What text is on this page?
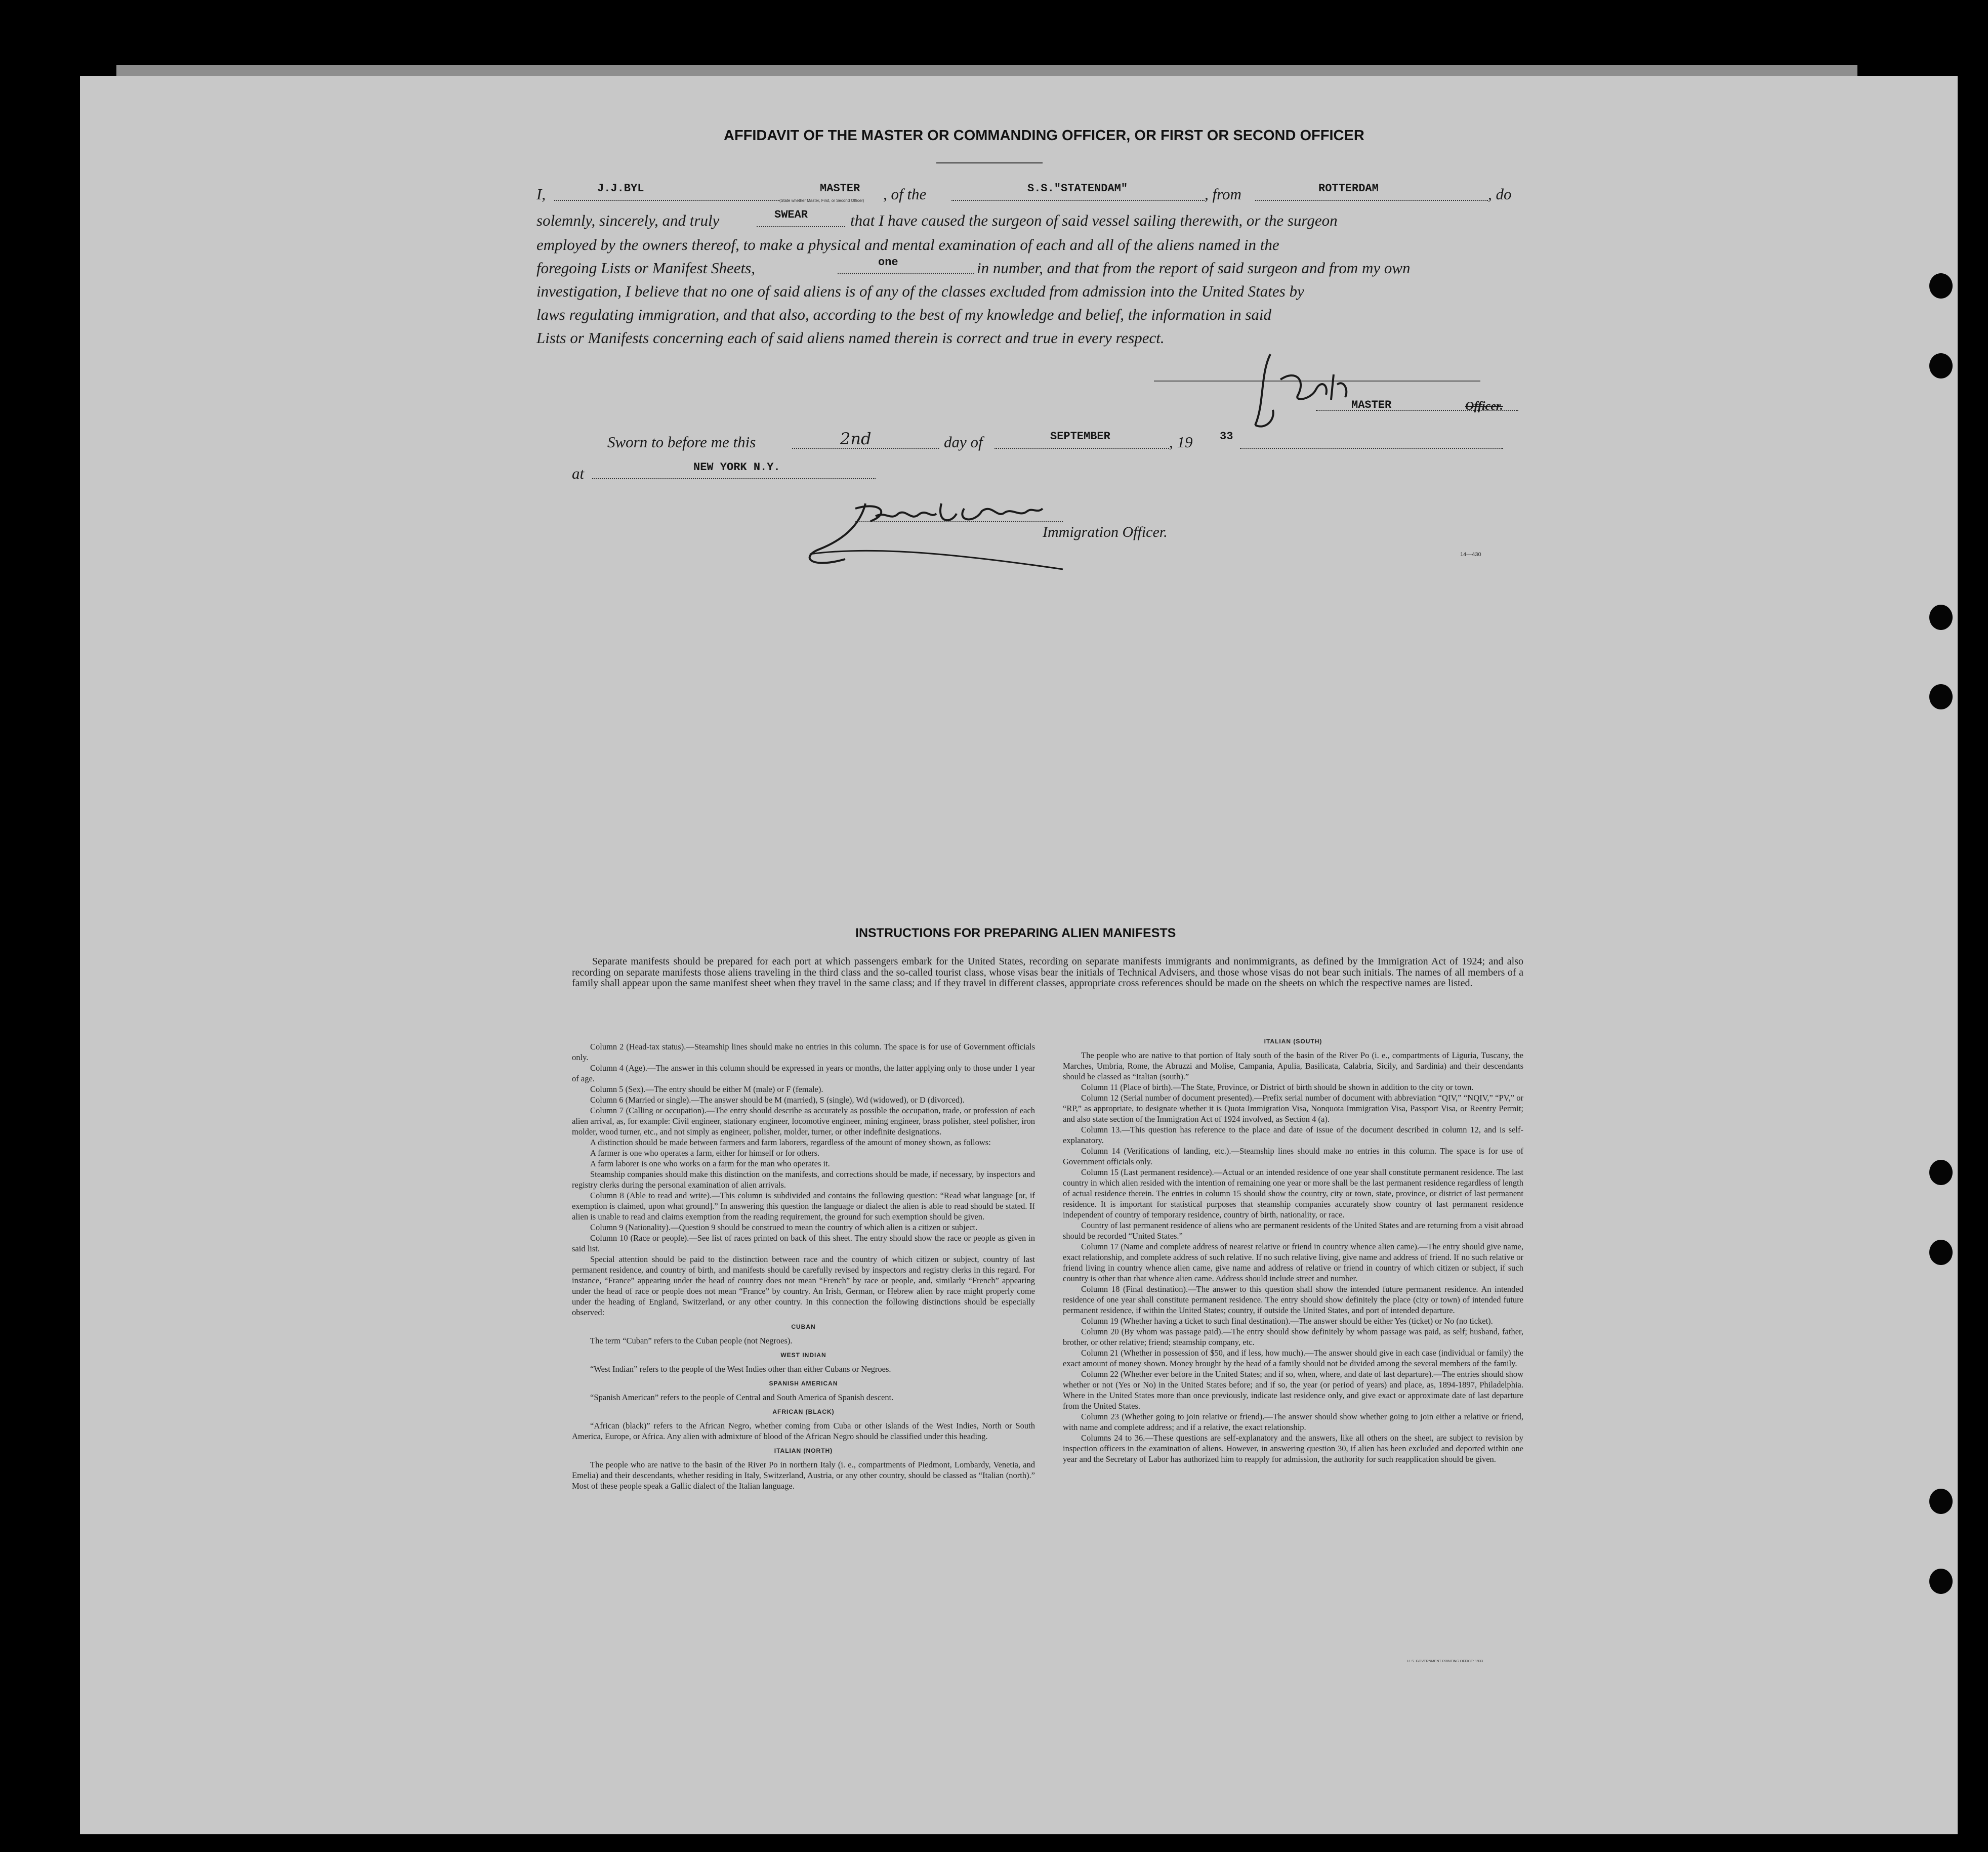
AFFIDAVIT OF THE MASTER OR COMMANDING OFFICER, OR FIRST OR SECOND OFFICER
I,	J.J.BYL	MASTER
(State whether Master, First, or Second Officer) , of the	S.S."STATENDAM"	, from	ROTTERDAM	, do
solemnly, sincerely, and truly	SWEAR	that I have caused the surgeon of said vessel sailing therewith, or the surgeon
employed by the owners thereof, to make a physical and mental examination of each and all of the aliens named in the
foregoing Lists or Manifest Sheets,	one	in number, and that from the report of said surgeon and from my own
investigation, I believe that no one of said aliens is of any of the classes excluded from admission into the United States by
laws regulating immigration, and that also, according to the best of my knowledge and belief, the information in said
Lists or Manifests concerning each of said aliens named therein is correct and true in every respect.
MASTER	Officer.
Sworn to before me this	2nd	day of	SEPTEMBER	, 19 33
at	NEW YORK N.Y.
Immigration Officer.
14—430
INSTRUCTIONS FOR PREPARING ALIEN MANIFESTS
Separate manifests should be prepared for each port at which passengers embark for the United States, recording on separate manifests immigrants and nonimmigrants, as defined by the Immigration Act of 1924; and also recording on separate manifests those aliens traveling in the third class and the so-called tourist class, whose visas bear the initials of Technical Advisers, and those whose visas do not bear such initials. The names of all members of a family shall appear upon the same manifest sheet when they travel in the same class; and if they travel in different classes, appropriate cross references should be made on the sheets on which the respective names are listed.

Column 2 (Head-tax status).—Steamship lines should make no entries in this column. The space is for use of Government officials only.

Column 4 (Age).—The answer in this column should be expressed in years or months, the latter applying only to those under 1 year of age.

Column 5 (Sex).—The entry should be either M (male) or F (female).

Column 6 (Married or single).—The answer should be M (married), S (single), Wd (widowed), or D (divorced).

Column 7 (Calling or occupation).—The entry should describe as accurately as possible the occupation, trade, or profession of each alien arrival, as, for example: Civil engineer, stationary engineer, locomotive engineer, mining engineer, brass polisher, steel polisher, iron molder, wood turner, etc., and not simply as engineer, polisher, molder, turner, or other indefinite designations.

A distinction should be made between farmers and farm laborers, regardless of the amount of money shown, as follows:

A farmer is one who operates a farm, either for himself or for others.

A farm laborer is one who works on a farm for the man who operates it.

Steamship companies should make this distinction on the manifests, and corrections should be made, if necessary, by inspectors and registry clerks during the personal examination of alien arrivals.

Column 8 (Able to read and write).—This column is subdivided and contains the following question: “Read what language [or, if exemption is claimed, upon what ground].” In answering this question the language or dialect the alien is able to read should be stated. If alien is unable to read and claims exemption from the reading requirement, the ground for such exemption should be given.

Column 9 (Nationality).—Question 9 should be construed to mean the country of which alien is a citizen or subject.

Column 10 (Race or people).—See list of races printed on back of this sheet. The entry should show the race or people as given in said list.

Special attention should be paid to the distinction between race and the country of which citizen or subject, country of last permanent residence, and country of birth, and manifests should be carefully revised by inspectors and registry clerks in this regard. For instance, “France” appearing under the head of country does not mean “French” by race or people, and, similarly “French” appearing under the head of race or people does not mean “France” by country. An Irish, German, or Hebrew alien by race might properly come under the heading of England, Switzerland, or any other country. In this connection the following distinctions should be especially observed:

CUBAN

The term “Cuban” refers to the Cuban people (not Negroes).

WEST INDIAN

“West Indian” refers to the people of the West Indies other than either Cubans or Negroes.

SPANISH AMERICAN

“Spanish American” refers to the people of Central and South America of Spanish descent.

AFRICAN (BLACK)

“African (black)” refers to the African Negro, whether coming from Cuba or other islands of the West Indies, North or South America, Europe, or Africa. Any alien with admixture of blood of the African Negro should be classified under this heading.

ITALIAN (NORTH)

The people who are native to the basin of the River Po in northern Italy (i. e., compartments of Piedmont, Lombardy, Venetia, and Emelia) and their descendants, whether residing in Italy, Switzerland, Austria, or any other country, should be classed as “Italian (north).” Most of these people speak a Gallic dialect of the Italian language.

ITALIAN (SOUTH)

The people who are native to that portion of Italy south of the basin of the River Po (i. e., compartments of Liguria, Tuscany, the Marches, Umbria, Rome, the Abruzzi and Molise, Campania, Apulia, Basilicata, Calabria, Sicily, and Sardinia) and their descendants should be classed as “Italian (south).”

Column 11 (Place of birth).—The State, Province, or District of birth should be shown in addition to the city or town.

Column 12 (Serial number of document presented).—Prefix serial number of document with abbreviation “QIV,” “NQIV,” “PV,” or “RP,” as appropriate, to designate whether it is Quota Immigration Visa, Nonquota Immigration Visa, Passport Visa, or Reentry Permit; and also state section of the Immigration Act of 1924 involved, as Section 4 (a).

Column 13.—This question has reference to the place and date of issue of the document described in column 12, and is self-explanatory.

Column 14 (Verifications of landing, etc.).—Steamship lines should make no entries in this column. The space is for use of Government officials only.

Column 15 (Last permanent residence).—Actual or an intended residence of one year shall constitute permanent residence. The last country in which alien resided with the intention of remaining one year or more shall be the last permanent residence regardless of length of actual residence therein. The entries in column 15 should show the country, city or town, state, province, or district of last permanent residence. It is important for statistical purposes that steamship companies accurately show country of last permanent residence independent of country of temporary residence, country of birth, nationality, or race.

Country of last permanent residence of aliens who are permanent residents of the United States and are returning from a visit abroad should be recorded “United States.”

Column 17 (Name and complete address of nearest relative or friend in country whence alien came).—The entry should give name, exact relationship, and complete address of such relative. If no such relative living, give name and address of friend. If no such relative or friend living in country whence alien came, give name and address of relative or friend in country of which citizen or subject, if such country is other than that whence alien came. Address should include street and number.

Column 18 (Final destination).—The answer to this question shall show the intended future permanent residence. An intended residence of one year shall constitute permanent residence. The entry should show definitely the place (city or town) of intended future permanent residence, if within the United States; country, if outside the United States, and port of intended departure.

Column 19 (Whether having a ticket to such final destination).—The answer should be either Yes (ticket) or No (no ticket).

Column 20 (By whom was passage paid).—The entry should show definitely by whom passage was paid, as self; husband, father, brother, or other relative; friend; steamship company, etc.

Column 21 (Whether in possession of $50, and if less, how much).—The answer should give in each case (individual or family) the exact amount of money shown. Money brought by the head of a family should not be divided among the several members of the family.

Column 22 (Whether ever before in the United States; and if so, when, where, and date of last departure).—The entries should show whether or not (Yes or No) in the United States before; and if so, the year (or period of years) and place, as, 1894-1897, Philadelphia. Where in the United States more than once previously, indicate last residence only, and give exact or approximate date of last departure from the United States.

Column 23 (Whether going to join relative or friend).—The answer should show whether going to join either a relative or friend, with name and complete address; and if a relative, the exact relationship.

Columns 24 to 36.—These questions are self-explanatory and the answers, like all others on the sheet, are subject to revision by inspection officers in the examination of aliens. However, in answering question 30, if alien has been excluded and deported within one year and the Secretary of Labor has authorized him to reapply for admission, the authority for such reapplication should be given.

U. S. GOVERNMENT PRINTING OFFICE: 1933
